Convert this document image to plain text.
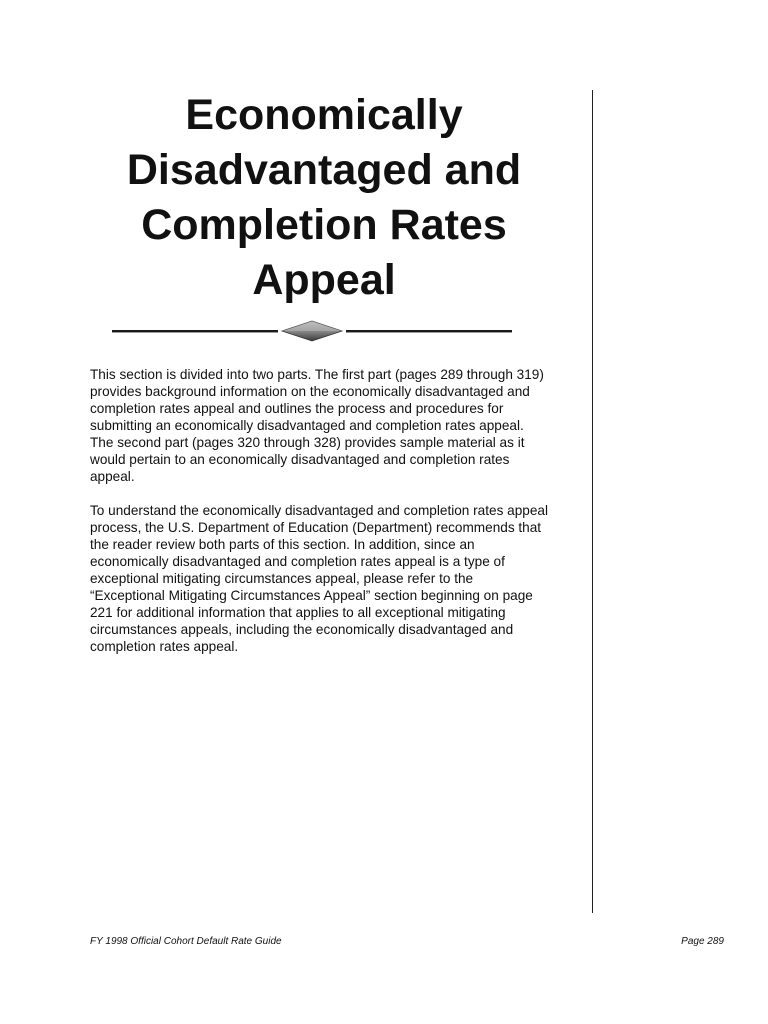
Economically
Disadvantaged and
Completion Rates
Appeal

This section is divided into two parts. The first part (pages 289 through 319) provides background information on the economically disadvantaged and completion rates appeal and outlines the process and procedures for submitting an economically disadvantaged and completion rates appeal. The second part (pages 320 through 328) provides sample material as it would pertain to an economically disadvantaged and completion rates appeal.

To understand the economically disadvantaged and completion rates appeal process, the U.S. Department of Education (Department) recommends that the reader review both parts of this section. In addition, since an economically disadvantaged and completion rates appeal is a type of exceptional mitigating circumstances appeal, please refer to the “Exceptional Mitigating Circumstances Appeal” section beginning on page 221 for additional information that applies to all exceptional mitigating circumstances appeals, including the economically disadvantaged and completion rates appeal.

FY 1998 Official Cohort Default Rate Guide	Page 289
